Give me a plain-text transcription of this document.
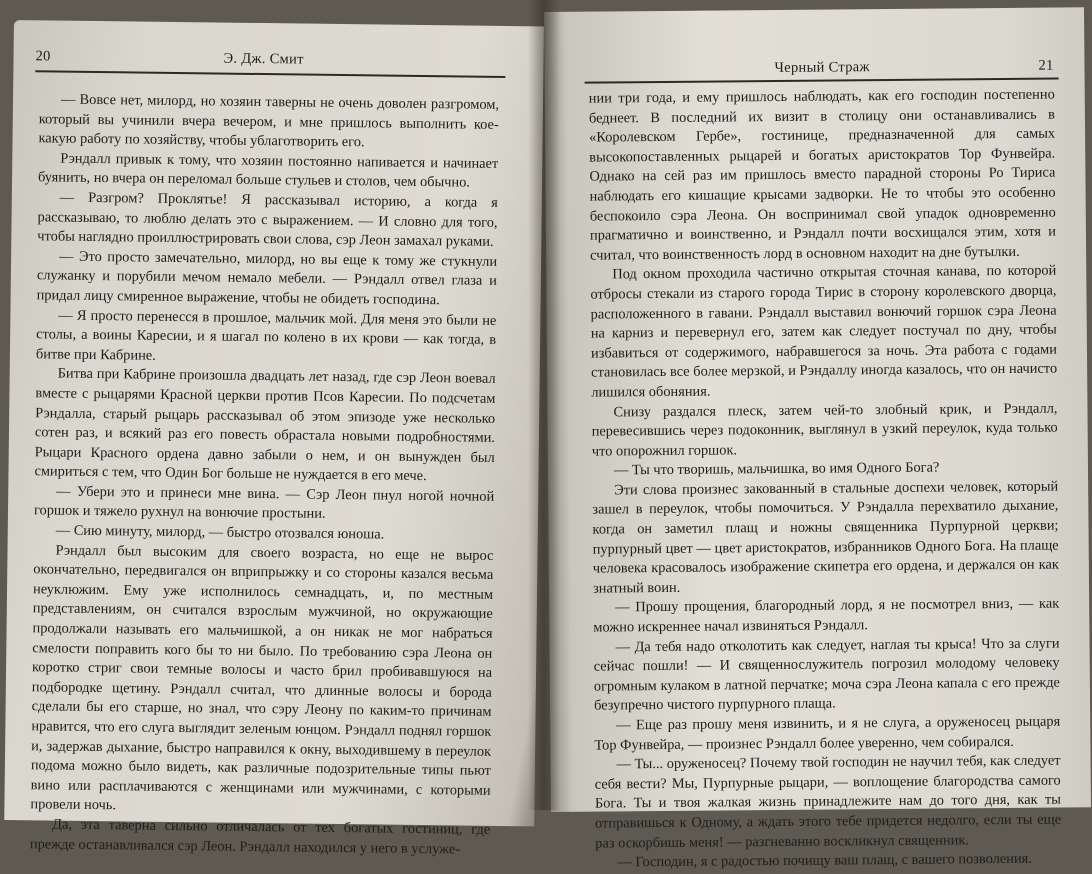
20	Э. Дж. Смит

— Вовсе нет, милорд, но хозяин таверны не очень доволен разгромом, который вы учинили вчера вечером, и мне пришлось выполнить кое-какую работу по хозяйству, чтобы ублаготворить его.

Рэндалл привык к тому, что хозяин постоянно напивается и начинает буянить, но вчера он переломал больше стульев и столов, чем обычно.

— Разгром? Проклятье! Я рассказывал историю, а когда я рассказываю, то люблю делать это с выражением. — И словно для того, чтобы наглядно проиллюстрировать свои слова, сэр Леон замахал руками.

— Это просто замечательно, милорд, но вы еще к тому же стукнули служанку и порубили мечом немало мебели. — Рэндалл отвел глаза и придал лицу смиренное выражение, чтобы не обидеть господина.

— Я просто перенесся в прошлое, мальчик мой. Для меня это были не столы, а воины Каресии, и я шагал по колено в их крови — как тогда, в битве при Кабрине.

Битва при Кабрине произошла двадцать лет назад, где сэр Леон воевал вместе с рыцарями Красной церкви против Псов Каресии. По подсчетам Рэндалла, старый рыцарь рассказывал об этом эпизоде уже несколько сотен раз, и всякий раз его повесть обрастала новыми подробностями. Рыцари Красного ордена давно забыли о нем, и он вынужден был смириться с тем, что Один Бог больше не нуждается в его мече.

— Убери это и принеси мне вина. — Сэр Леон пнул ногой ночной горшок и тяжело рухнул на вонючие простыни.

— Сию минуту, милорд, — быстро отозвался юноша.

Рэндалл был высоким для своего возраста, но еще не вырос окончательно, передвигался он вприпрыжку и со стороны казался весьма неуклюжим. Ему уже исполнилось семнадцать, и, по местным представлениям, он считался взрослым мужчиной, но окружающие продолжали называть его мальчишкой, а он никак не мог набраться смелости поправить кого бы то ни было. По требованию сэра Леона он коротко стриг свои темные волосы и часто брил пробивавшуюся на подбородке щетину. Рэндалл считал, что длинные волосы и борода сделали бы его старше, но знал, что сэру Леону по каким-то причинам нравится, что его слуга выглядит зеленым юнцом. Рэндалл поднял горшок и, задержав дыхание, быстро направился к окну, выходившему в переулок подома можно было видеть, как различные подозрительные типы пьют вино или расплачиваются с женщинами или мужчинами, с которыми провели ночь.

Да, эта таверна сильно отличалась от тех богатых гостиниц, где прежде останавливался сэр Леон. Рэндалл находился у него в услуже-

Черный Страж	21

нии три года, и ему пришлось наблюдать, как его господин постепенно беднеет. В последний их визит в столицу они останавливались в «Королевском Гербе», гостинице, предназначенной для самых высокопоставленных рыцарей и богатых аристократов Тор Фунвейра. Однако на сей раз им пришлось вместо парадной стороны Ро Тириса наблюдать его кишащие крысами задворки. Не то чтобы это особенно беспокоило сэра Леона. Он воспринимал свой упадок одновременно прагматично и воинственно, и Рэндалл почти восхищался этим, хотя и считал, что воинственность лорд в основном находит на дне бутылки.

Под окном проходила частично открытая сточная канава, по которой отбросы стекали из старого города Тирис в сторону королевского дворца, расположенного в гавани. Рэндалл выставил вонючий горшок сэра Леона на карниз и перевернул его, затем как следует постучал по дну, чтобы избавиться от содержимого, набравшегося за ночь. Эта работа с годами становилась все более мерзкой, и Рэндаллу иногда казалось, что он начисто лишился обоняния.

Снизу раздался плеск, затем чей-то злобный крик, и Рэндалл, перевесившись через подоконник, выглянул в узкий переулок, куда только что опорожнил горшок.

— Ты что творишь, мальчишка, во имя Одного Бога?

Эти слова произнес закованный в стальные доспехи человек, который зашел в переулок, чтобы помочиться. У Рэндалла перехватило дыхание, когда он заметил плащ и ножны священника Пурпурной церкви; пурпурный цвет — цвет аристократов, избранников Одного Бога. На плаще человека красовалось изображение скипетра его ордена, и держался он как знатный воин.

— Прошу прощения, благородный лорд, я не посмотрел вниз, — как можно искреннее начал извиняться Рэндалл.

— Да тебя надо отколотить как следует, наглая ты крыса! Что за слуги сейчас пошли! — И священнослужитель погрозил молодому человеку огромным кулаком в латной перчатке; моча сэра Леона капала с его прежде безупречно чистого пурпурного плаща.

— Еще раз прошу меня извинить, и я не слуга, а оруженосец рыцаря Тор Фунвейра, — произнес Рэндалл более уверенно, чем собирался.

— Ты... оруженосец? Почему твой господин не научил тебя, как следует себя вести? Мы, Пурпурные рыцари, — воплощение благородства самого Бога. Ты и твоя жалкая жизнь принадлежите нам до того дня, как ты отправишься к Одному, а ждать этого тебе придется недолго, если ты еще раз оскорбишь меня! — разгневанно воскликнул священник.

— Господин, я с радостью почищу ваш плащ, с вашего позволения.
